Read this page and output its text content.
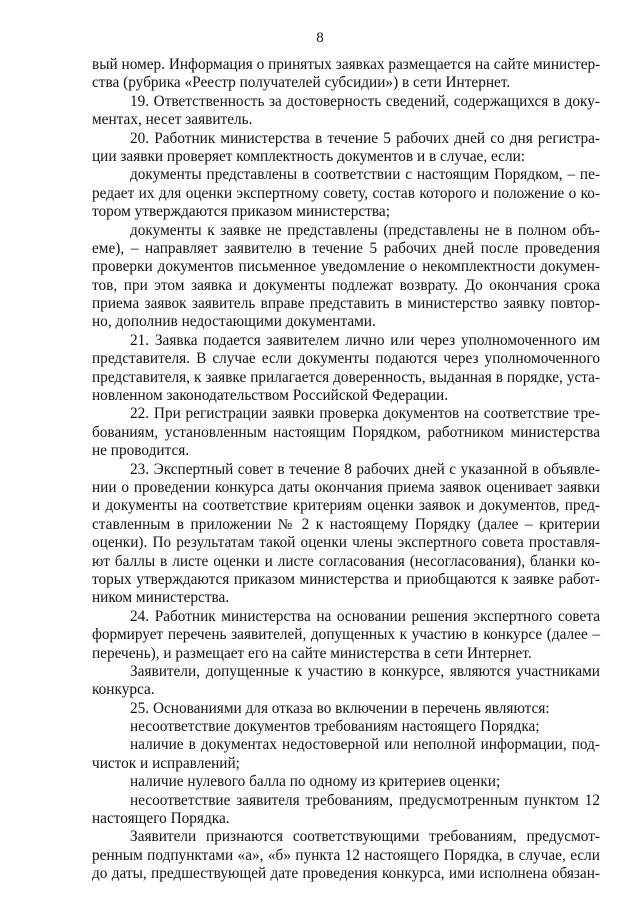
8
вый номер. Информация о принятых заявках размещается на сайте министер-
ства (рубрика «Реестр получателей субсидии») в сети Интернет.
19. Ответственность за достоверность сведений, содержащихся в доку-
ментах, несет заявитель.
20. Работник министерства в течение 5 рабочих дней со дня регистра-
ции заявки проверяет комплектность документов и в случае, если:
документы представлены в соответствии с настоящим Порядком, – пе-
редает их для оценки экспертному совету, состав которого и положение о ко-
тором утверждаются приказом министерства;
документы к заявке не представлены (представлены не в полном объ-
еме), – направляет заявителю в течение 5 рабочих дней после проведения
проверки документов письменное уведомление о некомплектности докумен-
тов, при этом заявка и документы подлежат возврату. До окончания срока
приема заявок заявитель вправе представить в министерство заявку повтор-
но, дополнив недостающими документами.
21. Заявка подается заявителем лично или через уполномоченного им
представителя. В случае если документы подаются через уполномоченного
представителя, к заявке прилагается доверенность, выданная в порядке, уста-
новленном законодательством Российской Федерации.
22. При регистрации заявки проверка документов на соответствие тре-
бованиям, установленным настоящим Порядком, работником министерства
не проводится.
23. Экспертный совет в течение 8 рабочих дней с указанной в объявле-
нии о проведении конкурса даты окончания приема заявок оценивает заявки
и документы на соответствие критериям оценки заявок и документов, пред-
ставленным в приложении № 2 к настоящему Порядку (далее – критерии
оценки). По результатам такой оценки члены экспертного совета проставля-
ют баллы в листе оценки и листе согласования (несогласования), бланки ко-
торых утверждаются приказом министерства и приобщаются к заявке работ-
ником министерства.
24. Работник министерства на основании решения экспертного совета
формирует перечень заявителей, допущенных к участию в конкурсе (далее –
перечень), и размещает его на сайте министерства в сети Интернет.
Заявители, допущенные к участию в конкурсе, являются участниками
конкурса.
25. Основаниями для отказа во включении в перечень являются:
несоответствие документов требованиям настоящего Порядка;
наличие в документах недостоверной или неполной информации, под-
чисток и исправлений;
наличие нулевого балла по одному из критериев оценки;
несоответствие заявителя требованиям, предусмотренным пунктом 12
настоящего Порядка.
Заявители признаются соответствующими требованиям, предусмот-
ренным подпунктами «а», «б» пункта 12 настоящего Порядка, в случае, если
до даты, предшествующей дате проведения конкурса, ими исполнена обязан-
